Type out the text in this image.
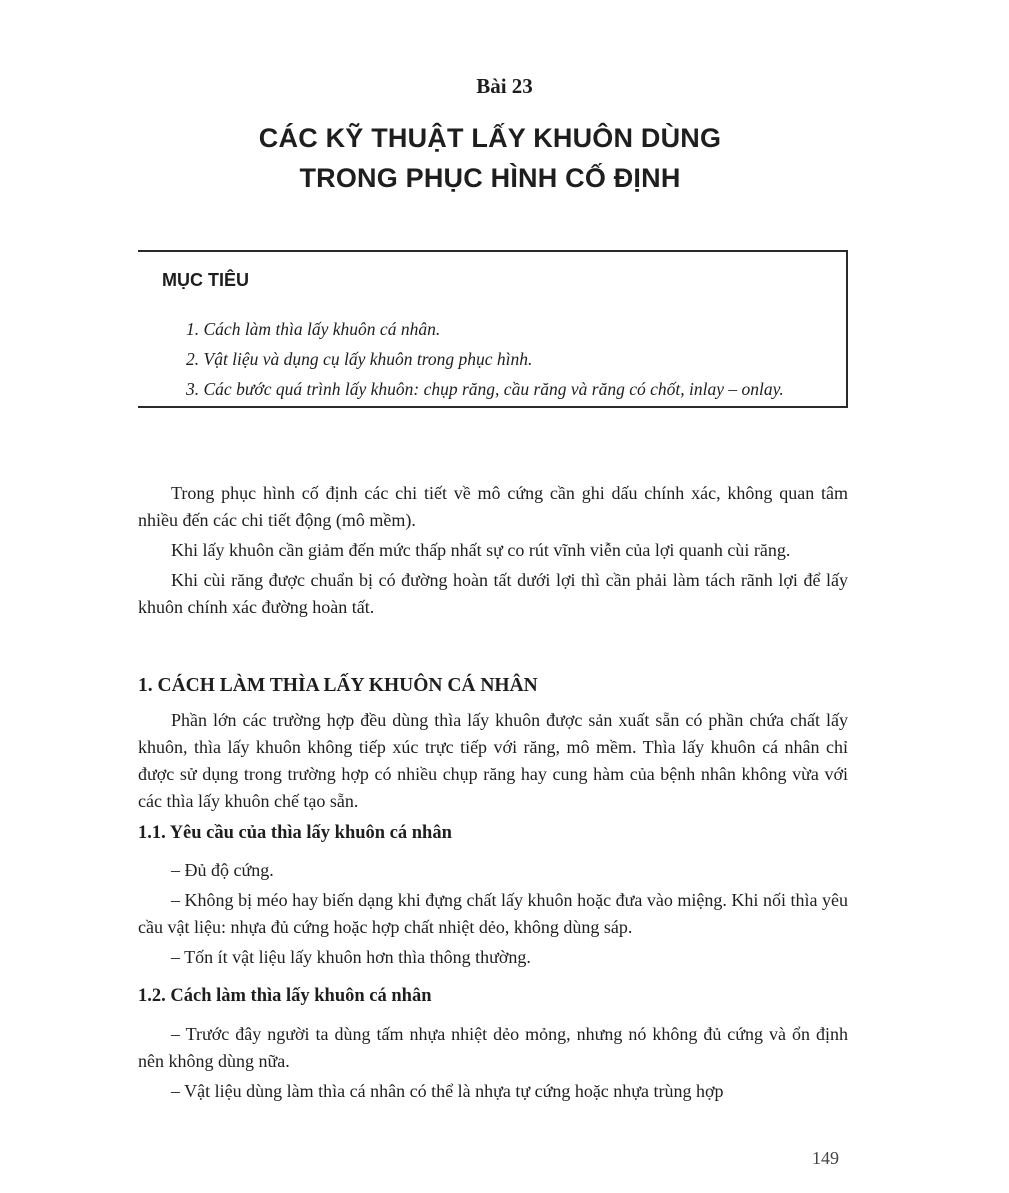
Bài 23
CÁC KỸ THUẬT LẤY KHUÔN DÙNG
TRONG PHỤC HÌNH CỐ ĐỊNH
MỤC TIÊU
1. Cách làm thìa lấy khuôn cá nhân.
2. Vật liệu và dụng cụ lấy khuôn trong phục hình.
3. Các bước quá trình lấy khuôn: chụp răng, cầu răng và răng có chốt, inlay – onlay.

Trong phục hình cố định các chi tiết về mô cứng cần ghi dấu chính xác, không quan tâm nhiều đến các chi tiết động (mô mềm).

Khi lấy khuôn cần giảm đến mức thấp nhất sự co rút vĩnh viễn của lợi quanh cùi răng.

Khi cùi răng được chuẩn bị có đường hoàn tất dưới lợi thì cần phải làm tách rãnh lợi để lấy khuôn chính xác đường hoàn tất.

1. CÁCH LÀM THÌA LẤY KHUÔN CÁ NHÂN

Phần lớn các trường hợp đều dùng thìa lấy khuôn được sản xuất sẵn có phần chứa chất lấy khuôn, thìa lấy khuôn không tiếp xúc trực tiếp với răng, mô mềm. Thìa lấy khuôn cá nhân chỉ được sử dụng trong trường hợp có nhiều chụp răng hay cung hàm của bệnh nhân không vừa với các thìa lấy khuôn chế tạo sẵn.

1.1. Yêu cầu của thìa lấy khuôn cá nhân

– Đủ độ cứng.

– Không bị méo hay biến dạng khi đựng chất lấy khuôn hoặc đưa vào miệng. Khi nối thìa yêu cầu vật liệu: nhựa đủ cứng hoặc hợp chất nhiệt dẻo, không dùng sáp.

– Tốn ít vật liệu lấy khuôn hơn thìa thông thường.

1.2. Cách làm thìa lấy khuôn cá nhân

– Trước đây người ta dùng tấm nhựa nhiệt dẻo mỏng, nhưng nó không đủ cứng và ổn định nên không dùng nữa.

– Vật liệu dùng làm thìa cá nhân có thể là nhựa tự cứng hoặc nhựa trùng hợp

149
